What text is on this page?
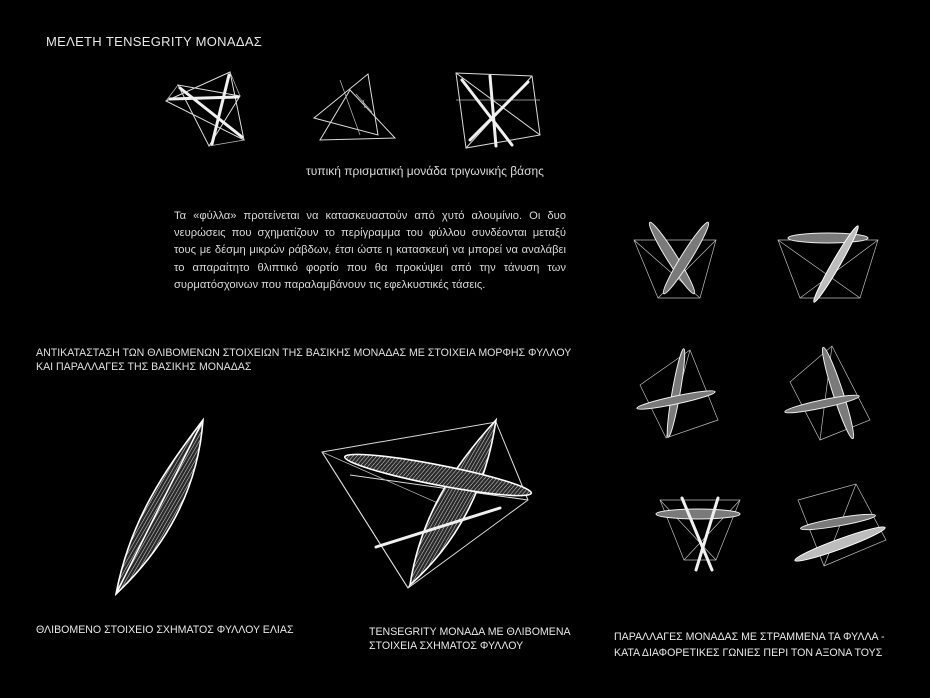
ΜΕΛΕΤΗ TENSEGRITY ΜΟΝΑΔΑΣ
τυπική πρισματική μονάδα τριγωνικής βάσης
Τα «φύλλα» προτείνεται να κατασκευαστούν από χυτό αλουμίνιο. Οι δυο νευρώσεις που σχηματίζουν το περίγραμμα του φύλλου συνδέονται μεταξύ τους με δέσμη μικρών ράβδων, έτσι ώστε η κατασκευή να μπορεί να αναλάβει το απαραίτητο θλιπτικό φορτίο που θα προκύψει από την τάνυση των συρματόσχοινων που παραλαμβάνουν τις εφελκυστικές τάσεις.
ΑΝΤΙΚΑΤΑΣΤΑΣΗ ΤΩΝ ΘΛΙΒΟΜΕΝΩΝ ΣΤΟΙΧΕΙΩΝ ΤΗΣ ΒΑΣΙΚΗΣ ΜΟΝΑΔΑΣ ΜΕ ΣΤΟΙΧΕΙΑ ΜΟΡΦΗΣ ΦΥΛΛΟΥ
ΚΑΙ ΠΑΡΑΛΛΑΓΕΣ ΤΗΣ ΒΑΣΙΚΗΣ ΜΟΝΑΔΑΣ
ΘΛΙΒΟΜΕΝΟ ΣΤΟΙΧΕΙΟ ΣΧΗΜΑΤΟΣ ΦΥΛΛΟΥ ΕΛΙΑΣ	TENSEGRITY ΜΟΝΑΔΑ ΜΕ ΘΛΙΒΟΜΕΝΑ
ΣΤΟΙΧΕΙΑ ΣΧΗΜΑΤΟΣ ΦΥΛΛΟΥ
ΠΑΡΑΛΛΑΓΕΣ ΜΟΝΑΔΑΣ ΜΕ ΣΤΡΑΜΜΕΝΑ ΤΑ ΦΥΛΛΑ -
ΚΑΤΑ ΔΙΑΦΟΡΕΤΙΚΕΣ ΓΩΝΙΕΣ ΠΕΡΙ ΤΟΝ ΑΞΟΝΑ ΤΟΥΣ
